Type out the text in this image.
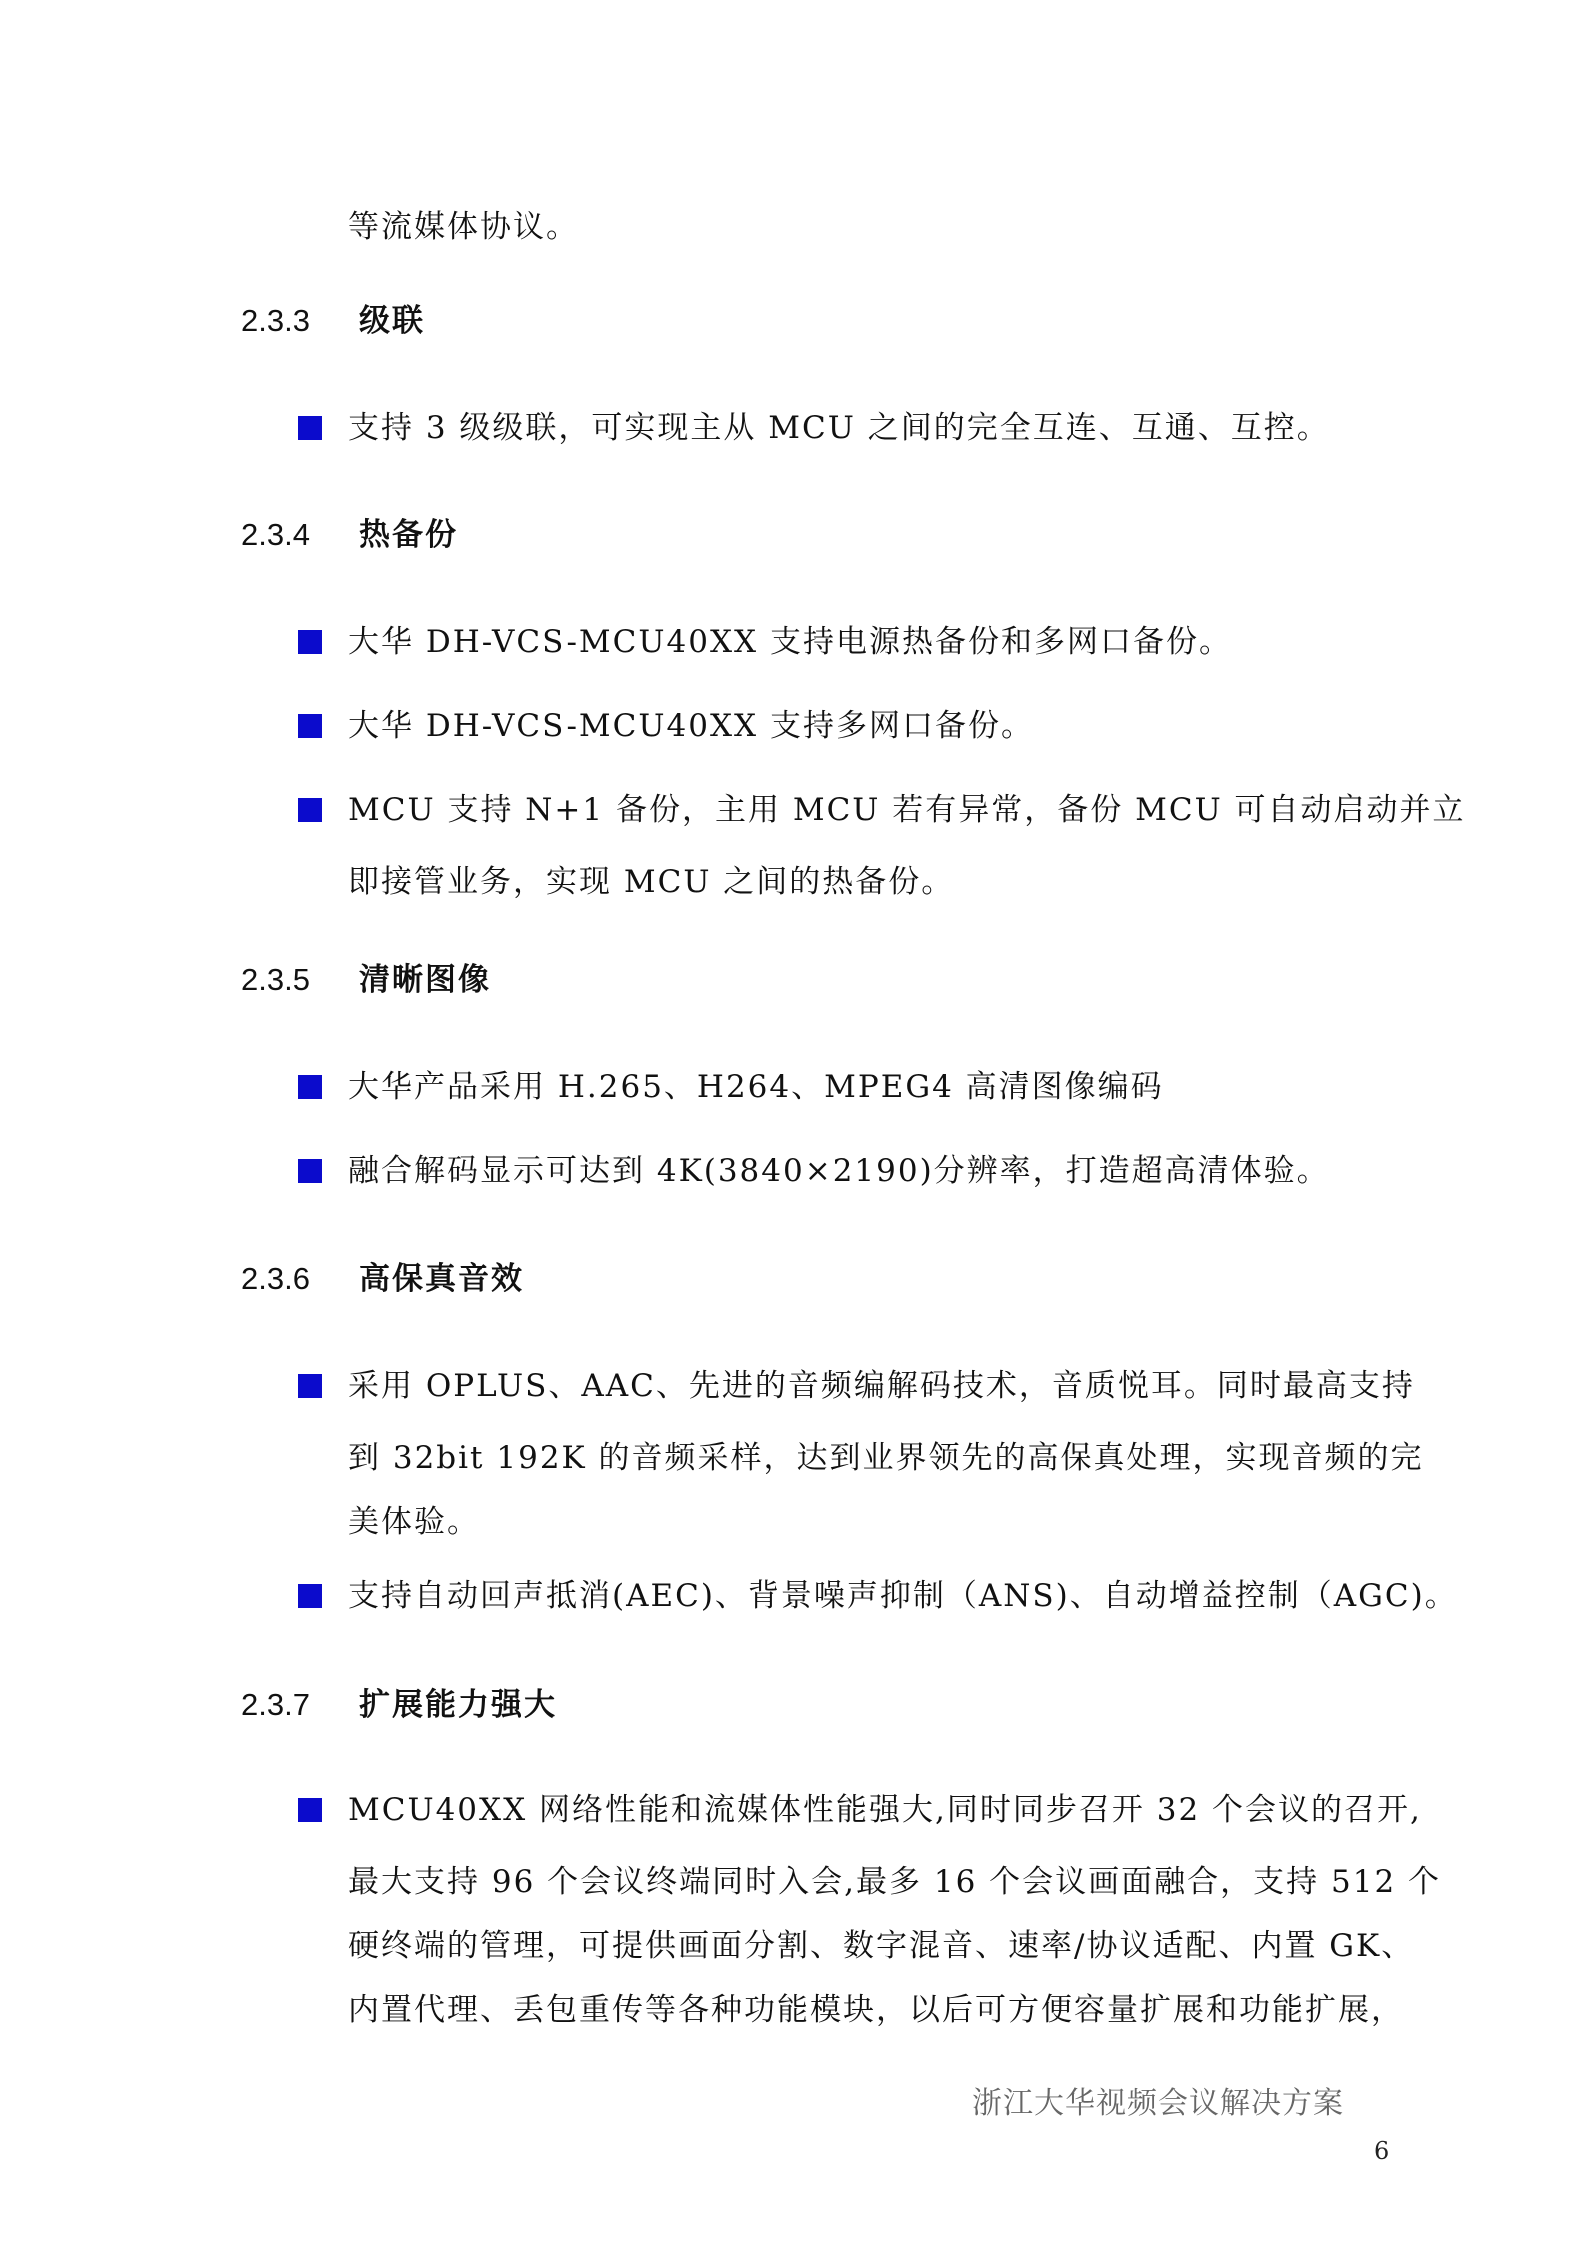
等流媒体协议。
2.3.3 级联
支持 3 级级联，可实现主从 MCU 之间的完全互连、互通、互控。
2.3.4 热备份
大华 DH-VCS-MCU40XX 支持电源热备份和多网口备份。
大华 DH-VCS-MCU40XX 支持多网口备份。
MCU 支持 N+1 备份，主用 MCU 若有异常，备份 MCU 可自动启动并立
即接管业务，实现 MCU 之间的热备份。
2.3.5 清晰图像
大华产品采用 H.265、H264、MPEG4 高清图像编码
融合解码显示可达到 4K(3840×2190)分辨率，打造超高清体验。
2.3.6 高保真音效
采用 OPLUS、AAC、先进的音频编解码技术，音质悦耳。同时最高支持
到 32bit 192K 的音频采样，达到业界领先的高保真处理，实现音频的完
美体验。
支持自动回声抵消(AEC)、背景噪声抑制（ANS)、自动增益控制（AGC)。
2.3.7 扩展能力强大
MCU40XX 网络性能和流媒体性能强大,同时同步召开 32 个会议的召开,
最大支持 96 个会议终端同时入会,最多 16 个会议画面融合，支持 512 个
硬终端的管理，可提供画面分割、数字混音、速率/协议适配、内置 GK、
内置代理、丢包重传等各种功能模块，以后可方便容量扩展和功能扩展，
浙江大华视频会议解决方案
6
